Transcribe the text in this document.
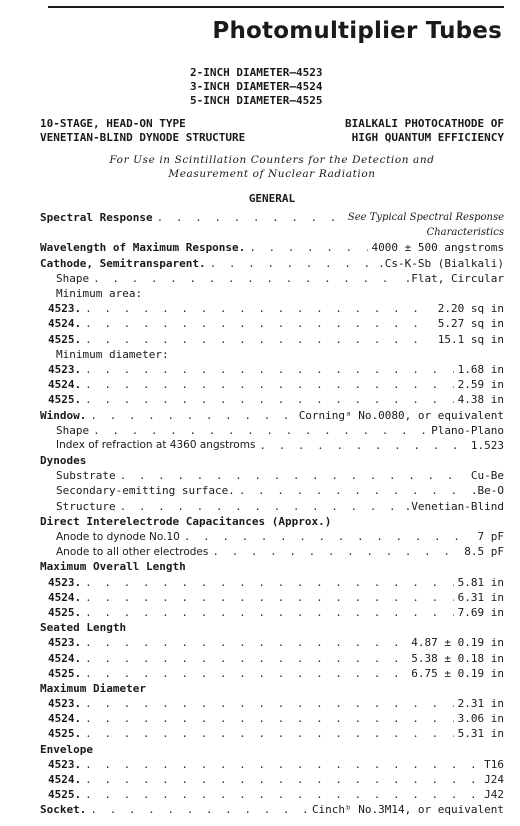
Photomultiplier Tubes
2-INCH DIAMETER—4523
3-INCH DIAMETER—4524
5-INCH DIAMETER—4525
10-STAGE, HEAD-ON TYPE
VENETIAN-BLIND DYNODE STRUCTURE
BIALKALI PHOTOCATHODE OF
HIGH QUANTUM EFFICIENCY
For Use in Scintillation Counters for the Detection and
Measurement of Nuclear Radiation
GENERAL
Spectral Response . . .	See Typical Spectral Response
Characteristics
Wavelength of Maximum Response. . . .	4000 ± 500 angstroms
Cathode, Semitransparent. . . .	.Cs-K-Sb (Bialkali)
Shape . . .	.Flat, Circular
Minimum area:
4523. . . .	2.20 sq in
4524. . . .	5.27 sq in
4525. . . .	15.1 sq in
Minimum diameter:
4523. . . .	1.68 in
4524. . . .	2.59 in
4525. . . .	4.38 in
Window. . . .	Corningᵃ No.0080, or equivalent
Shape . . .	Plano-Plano
Index of refraction at 4360 angstroms . . .	1.523
Dynodes
Substrate . . .	Cu-Be
Secondary-emitting surface. . . .	.Be-O
Structure . . .	.Venetian-Blind
Direct Interelectrode Capacitances (Approx.)
Anode to dynode No.10 . . .	7 pF
Anode to all other electrodes . . .	8.5 pF
Maximum Overall Length
4523. . . .	5.81 in
4524. . . .	6.31 in
4525. . . .	7.69 in
Seated Length
4523. . . .	4.87 ± 0.19 in
4524. . . .	5.38 ± 0.18 in
4525. . . .	6.75 ± 0.19 in
Maximum Diameter
4523. . . .	2.31 in
4524. . . .	3.06 in
4525. . . .	5.31 in
Envelope
4523. . . .	T16
4524. . . .	J24
4525. . . .	J42
Socket. . . .	Cinchᵇ No.3M14, or equivalent
